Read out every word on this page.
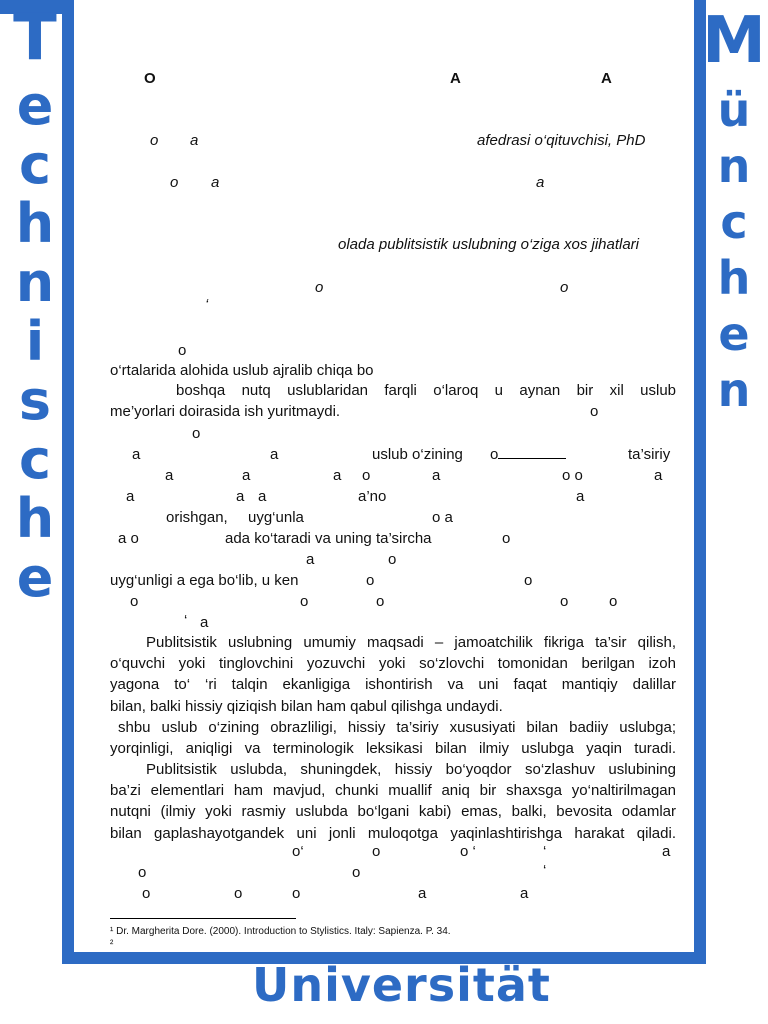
T
e
c
h
n
i
s
c
h
e
M
ü
n
c
h
e
n
Universität
O	A	A
o a	afedrasi o‘qituvchisi, PhD
o a	a
olada publitsistik uslubning o‘ziga xos jihatlari
o	o
‘
o
o‘rtalarida alohida uslub ajralib chiqa bo
boshqa nutq uslublaridan farqli o‘laroq u aynan bir xil uslub
me’yorlari doirasida ish yuritmaydi.	o
o
a	a	uslub o‘zining o	ta’siriy
a	a	a o	a	o o	a
a	a a	a’no	a
orishgan, uyg‘unla	o a
a o	ada ko‘taradi va uning ta’sircha	o
a	o
uyg‘unligi a ega bo‘lib, u ken	o	o
o	o	o	o	o
‘ a
Publitsistik uslubning umumiy maqsadi – jamoatchilik fikriga ta’sir qilish,
o‘quvchi yoki tinglovchini yozuvchi yoki so‘zlovchi tomonidan berilgan izoh
yagona to‘ ‘ri talqin ekanligiga ishontirish va uni faqat mantiqiy dalillar
bilan, balki hissiy qiziqish bilan ham qabul qilishga undaydi.
shbu uslub o‘zining obrazliligi, hissiy ta’siriy xususiyati bilan badiiy uslubga;
yorqinligi, aniqligi va terminologik leksikasi bilan ilmiy uslubga yaqin turadi.
Publitsistik uslubda, shuningdek, hissiy bo‘yoqdor so‘zlashuv uslubining
ba’zi elementlari ham mavjud, chunki muallif aniq bir shaxsga yo‘naltirilmagan
nutqni (ilmiy yoki rasmiy uslubda bo‘lgani kabi) emas, balki, bevosita odamlar
bilan gaplashayotgandek uni jonli muloqotga yaqinlashtirishga harakat qiladi.
o‘	o	o ‘	‘	a
o	o	‘
o	o	o	a	a
¹ Dr. Margherita Dore. (2000). Introduction to Stylistics. Italy: Sapienza. P. 34.
²
